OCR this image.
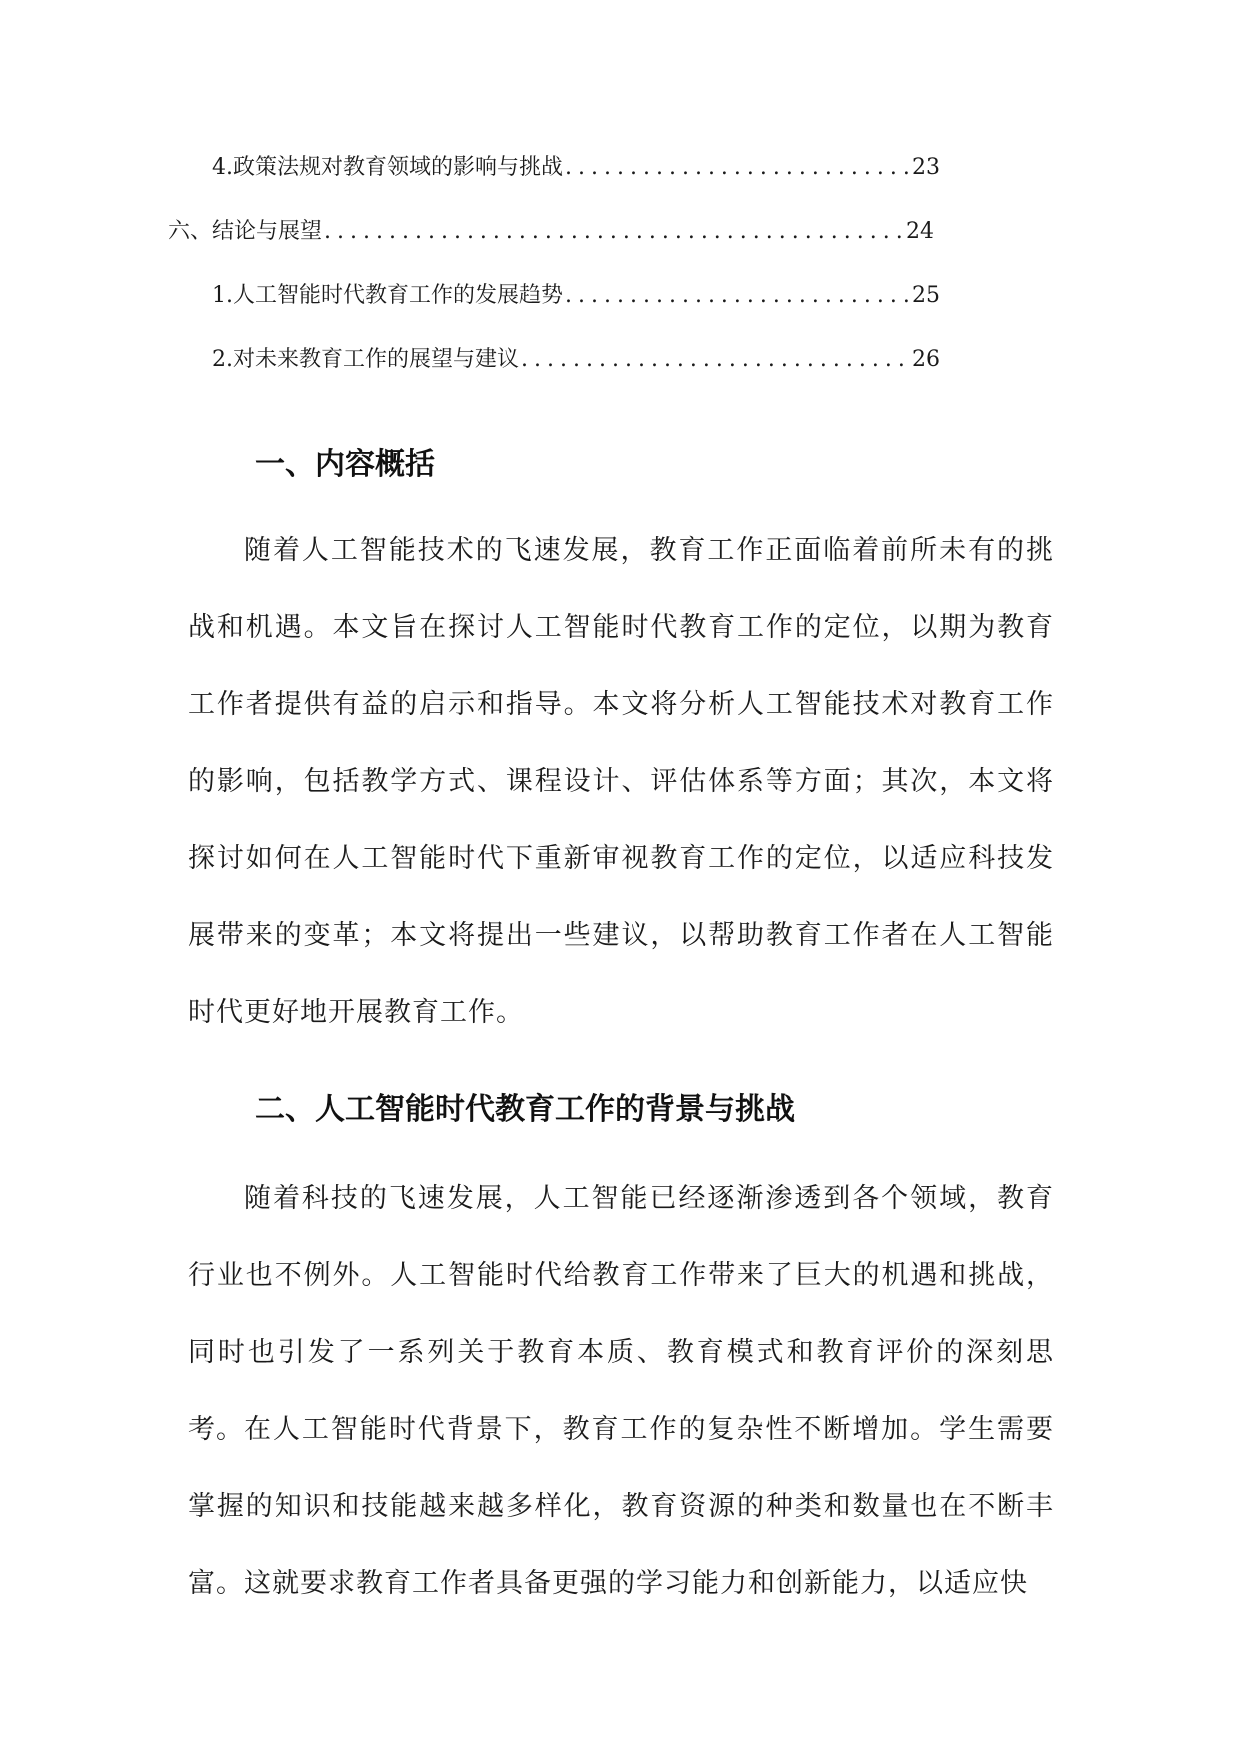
4. 政策法规对教育领域的影响与挑战 .....	23
六、结论与展望 .....	24
1. 人工智能时代教育工作的发展趋势 .....	25
2. 对未来教育工作的展望与建议 .....	26
一、内容概括

随着人工智能技术的飞速发展，教育工作正面临着前所未有的挑战和机遇。本文旨在探讨人工智能时代教育工作的定位，以期为教育工作者提供有益的启示和指导。本文将分析人工智能技术对教育工作的影响，包括教学方式、课程设计、评估体系等方面；其次，本文将探讨如何在人工智能时代下重新审视教育工作的定位，以适应科技发展带来的变革；本文将提出一些建议，以帮助教育工作者在人工智能时代更好地开展教育工作。

二、人工智能时代教育工作的背景与挑战

随着科技的飞速发展，人工智能已经逐渐渗透到各个领域，教育行业也不例外。人工智能时代给教育工作带来了巨大的机遇和挑战，同时也引发了一系列关于教育本质、教育模式和教育评价的深刻思考。 在人工智能时代背景下，教育工作的复杂性不断增加。学生需要掌握的知识和技能越来越多样化，教育资源的种类和数量也在不断丰富。这就要求教育工作者具备更强的学习能力和创新能力，以适应快
